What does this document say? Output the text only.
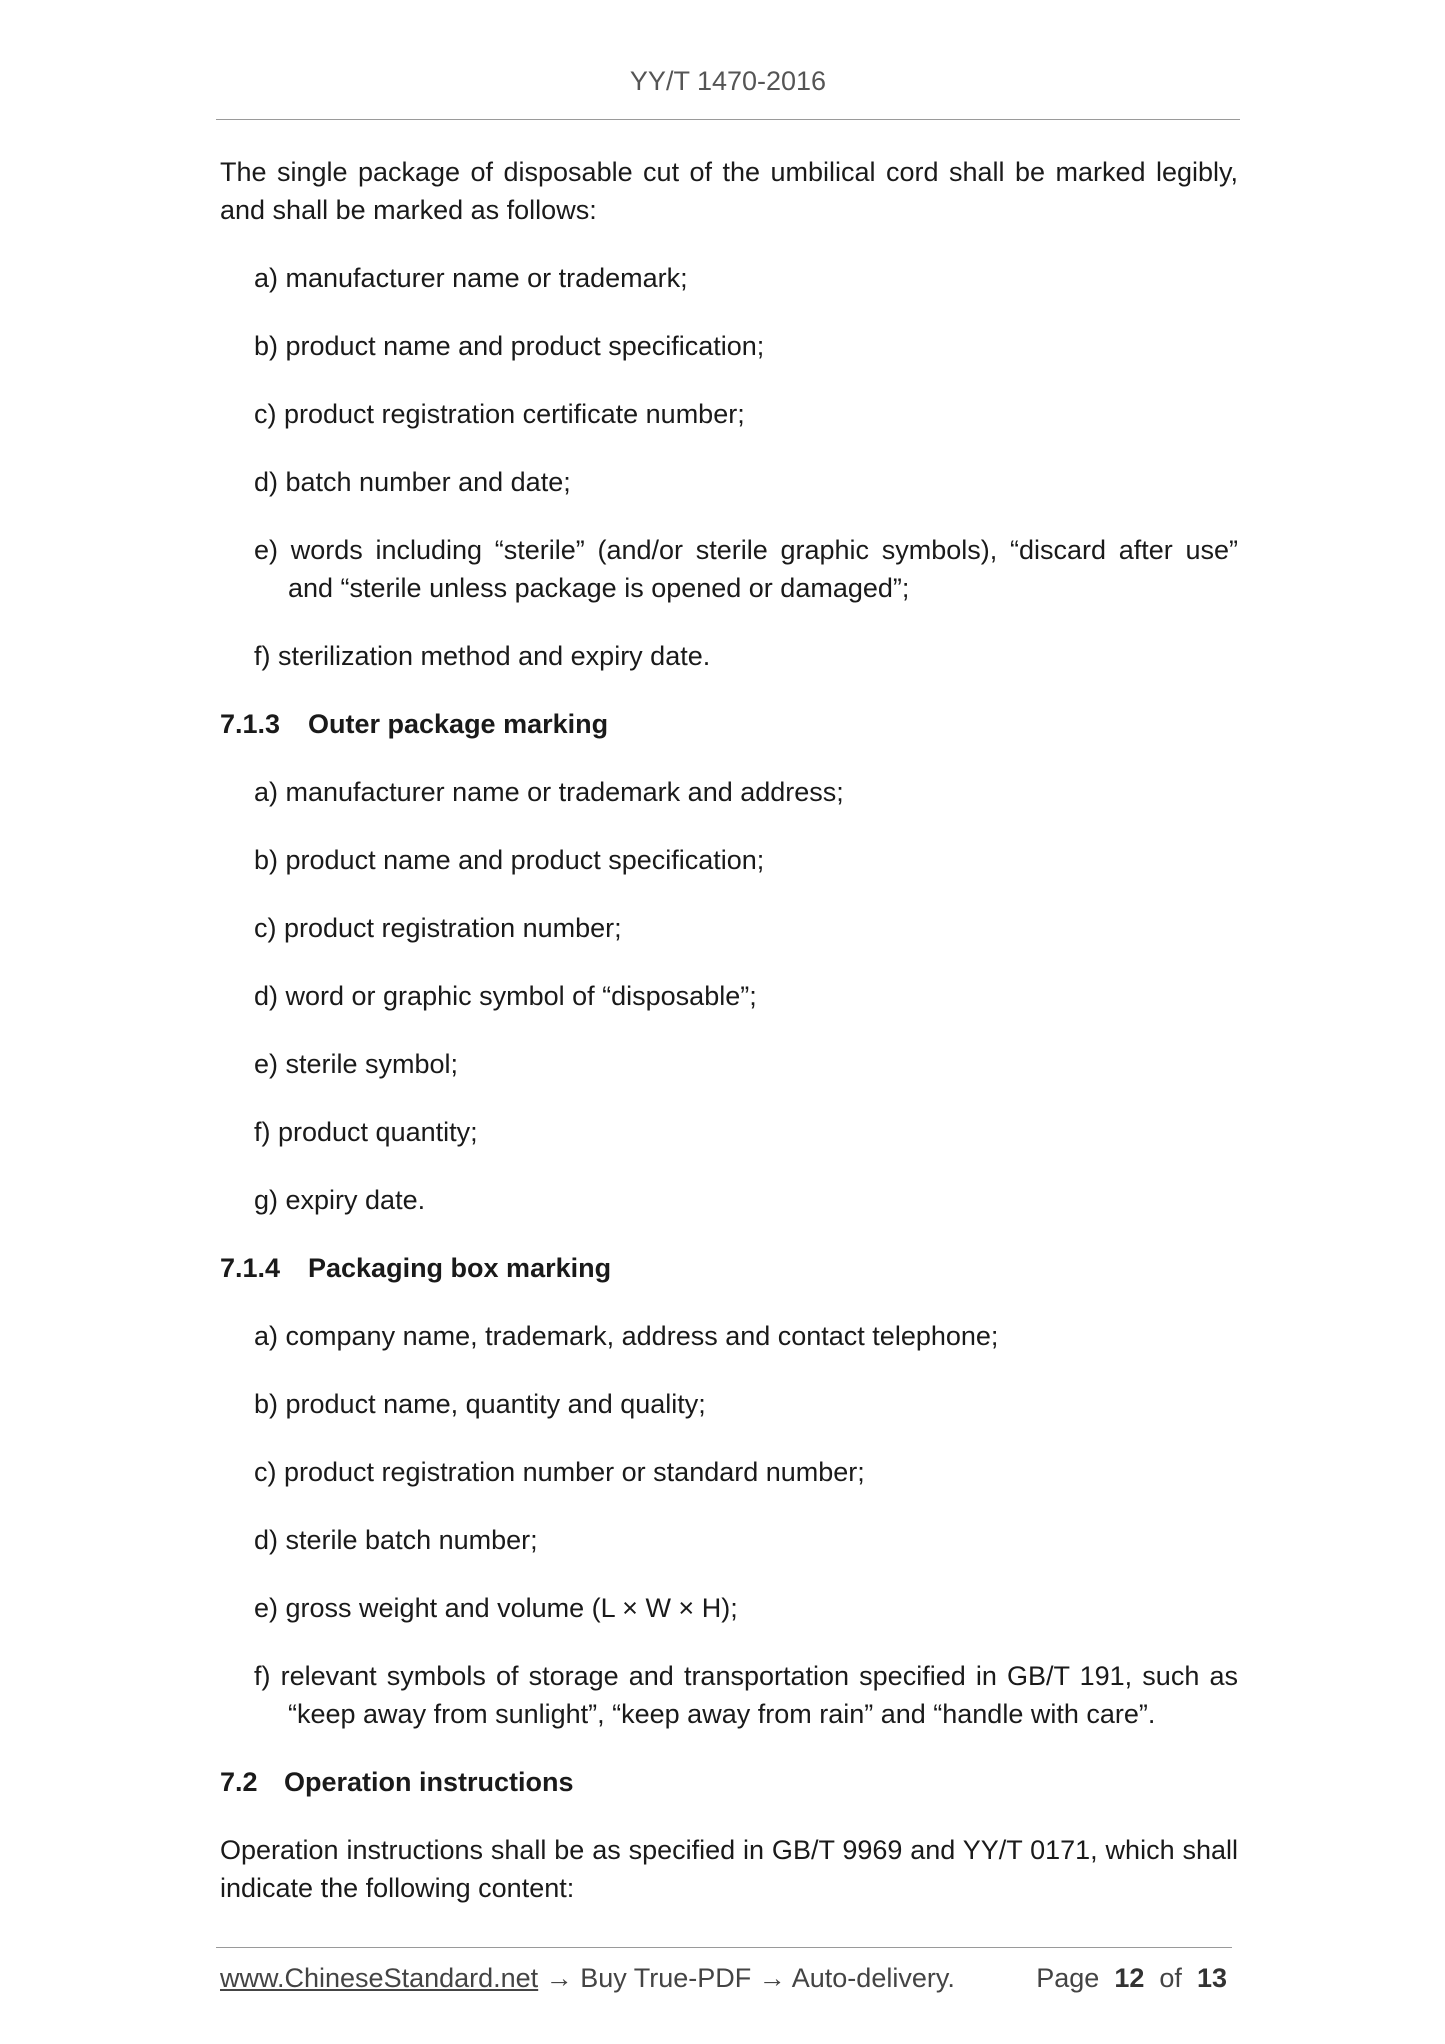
YY/T 1470-2016

The single package of disposable cut of the umbilical cord shall be marked legibly, and shall be marked as follows:

a) manufacturer name or trademark;

b) product name and product specification;

c) product registration certificate number;

d) batch number and date;

e) words including “sterile” (and/or sterile graphic symbols), “discard after use” and “sterile unless package is opened or damaged”;

f) sterilization method and expiry date.

7.1.3 Outer package marking

a) manufacturer name or trademark and address;

b) product name and product specification;

c) product registration number;

d) word or graphic symbol of “disposable”;

e) sterile symbol;

f) product quantity;

g) expiry date.

7.1.4 Packaging box marking

a) company name, trademark, address and contact telephone;

b) product name, quantity and quality;

c) product registration number or standard number;

d) sterile batch number;

e) gross weight and volume (L × W × H);

f) relevant symbols of storage and transportation specified in GB/T 191, such as “keep away from sunlight”, “keep away from rain” and “handle with care”.

7.2 Operation instructions

Operation instructions shall be as specified in GB/T 9969 and YY/T 0171, which shall indicate the following content:

www.ChineseStandard.net → Buy True-PDF → Auto-delivery.	Page 12 of 13
